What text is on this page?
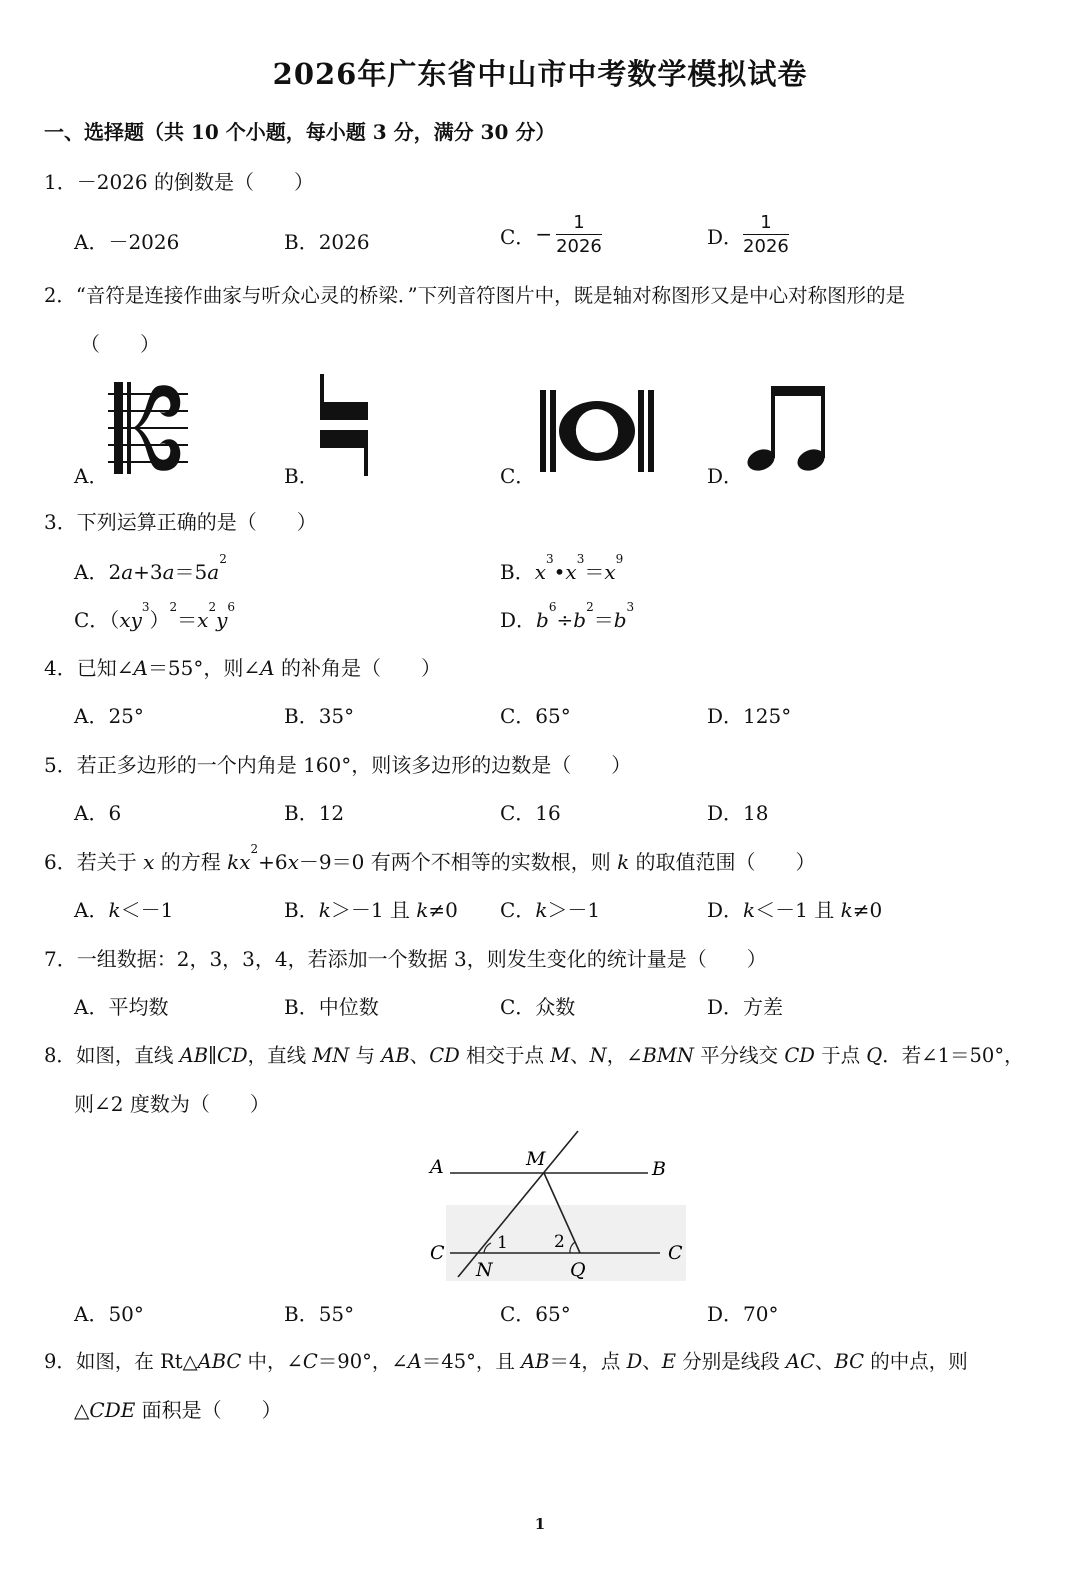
2026年广东省中山市中考数学模拟试卷
一、选择题（共 10 个小题，每小题 3 分，满分 30 分）
1．－2026 的倒数是（　　）
A．－2026	B．2026	C．− $\frac{1}{2026}$	D． $\frac{1}{2026}$
2．“音符是连接作曲家与听众心灵的桥梁．”下列音符图片中，既是轴对称图形又是中心对称图形的是
（　　）
A．	B．	C．	D．
3．下列运算正确的是（　　）
A．$2a+3a=5a^2$
B．$x^3•x^3=x^9$
C．$(xy^3)^2=x^2y^6$
D．$b^6\div b^2=b^3$
4．已知∠A＝55°，则∠A 的补角是（　　）
A．25°	B．35°	C．65°	D．125°
5．若正多边形的一个内角是 160°，则该多边形的边数是（　　）
A．6	B．12	C．16	D．18
6．若关于 x 的方程 $kx^2+6x-9=0$ 有两个不相等的实数根，则 k 的取值范围（　　）
A．k＜－1	B．k＞－1 且 k≠0 C．k＞－1	D．k＜－1 且 k≠0
7．一组数据：2，3，3，4，若添加一个数据 3，则发生变化的统计量是（　　）
A．平均数	B．中位数	C．众数	D．方差
8．如图，直线 AB∥CD，直线 MN 与 AB、CD 相交于点 M、N，∠BMN 平分线交 CD 于点 Q．若∠1＝50°，
则∠2 度数为（　　）
A	M	B
C	1	2	C
N	Q
A．50°	B．55°	C．65°	D．70°
9．如图，在 Rt△ABC 中，∠C＝90°，∠A＝45°，且 AB＝4，点 D、E 分别是线段 AC、BC 的中点，则
△CDE 面积是（　　）
1
